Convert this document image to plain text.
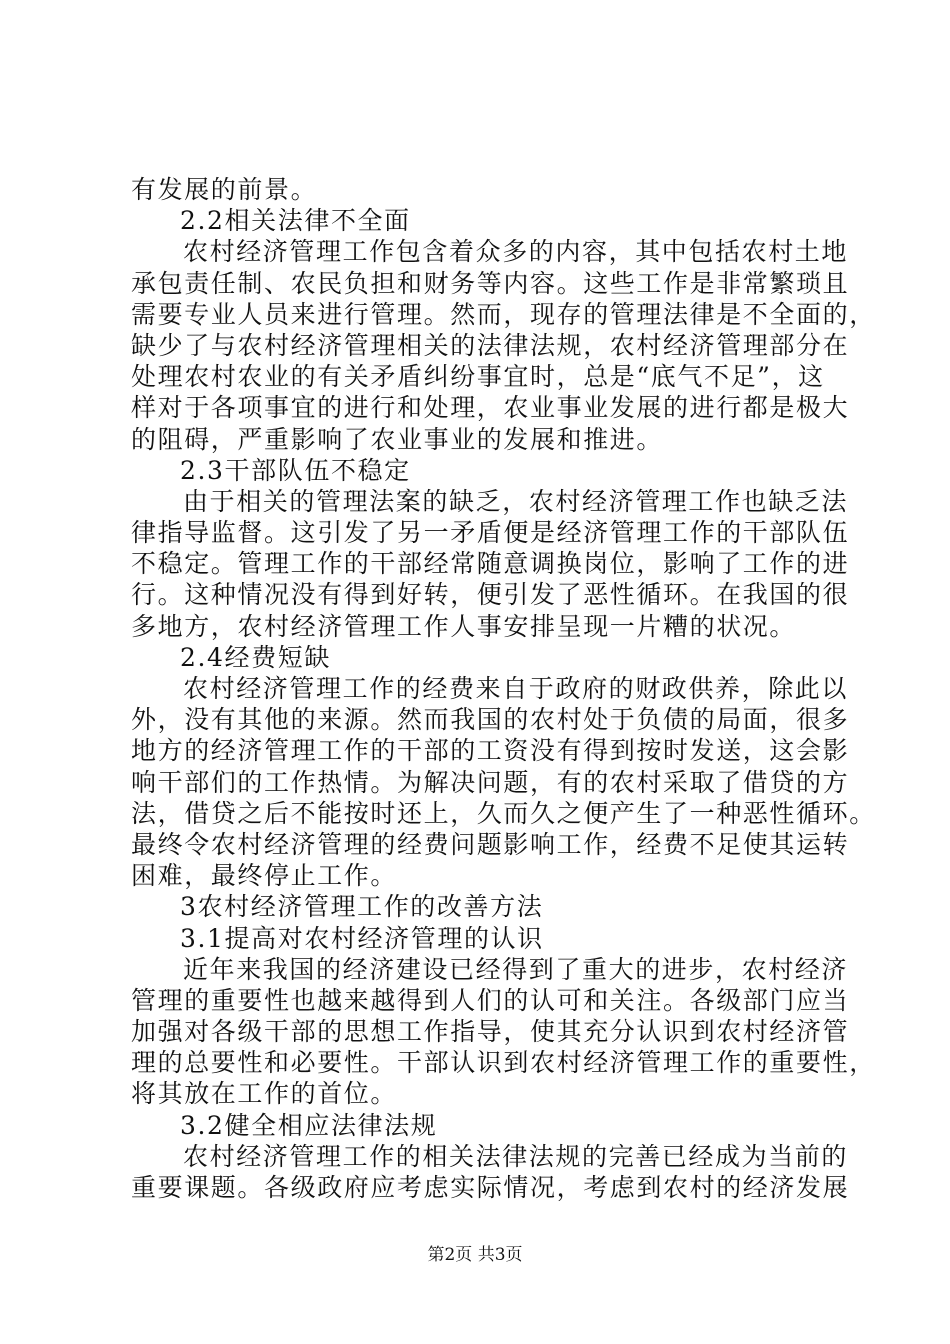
有发展的前景。
2.2相关法律不全面
农村经济管理工作包含着众多的内容，其中包括农村土地
承包责任制、农民负担和财务等内容。这些工作是非常繁琐且
需要专业人员来进行管理。然而，现存的管理法律是不全面的，
缺少了与农村经济管理相关的法律法规，农村经济管理部分在
处理农村农业的有关矛盾纠纷事宜时，总是“底气不足”，这
样对于各项事宜的进行和处理，农业事业发展的进行都是极大
的阻碍，严重影响了农业事业的发展和推进。
2.3干部队伍不稳定
由于相关的管理法案的缺乏，农村经济管理工作也缺乏法
律指导监督。这引发了另一矛盾便是经济管理工作的干部队伍
不稳定。管理工作的干部经常随意调换岗位，影响了工作的进
行。这种情况没有得到好转，便引发了恶性循环。在我国的很
多地方，农村经济管理工作人事安排呈现一片糟的状况。
2.4经费短缺
农村经济管理工作的经费来自于政府的财政供养，除此以
外，没有其他的来源。然而我国的农村处于负债的局面，很多
地方的经济管理工作的干部的工资没有得到按时发送，这会影
响干部们的工作热情。为解决问题，有的农村采取了借贷的方
法，借贷之后不能按时还上，久而久之便产生了一种恶性循环。
最终令农村经济管理的经费问题影响工作，经费不足使其运转
困难，最终停止工作。
3农村经济管理工作的改善方法
3.1提高对农村经济管理的认识
近年来我国的经济建设已经得到了重大的进步，农村经济
管理的重要性也越来越得到人们的认可和关注。各级部门应当
加强对各级干部的思想工作指导，使其充分认识到农村经济管
理的总要性和必要性。干部认识到农村经济管理工作的重要性，
将其放在工作的首位。
3.2健全相应法律法规
农村经济管理工作的相关法律法规的完善已经成为当前的
重要课题。各级政府应考虑实际情况，考虑到农村的经济发展
第2页 共3页
